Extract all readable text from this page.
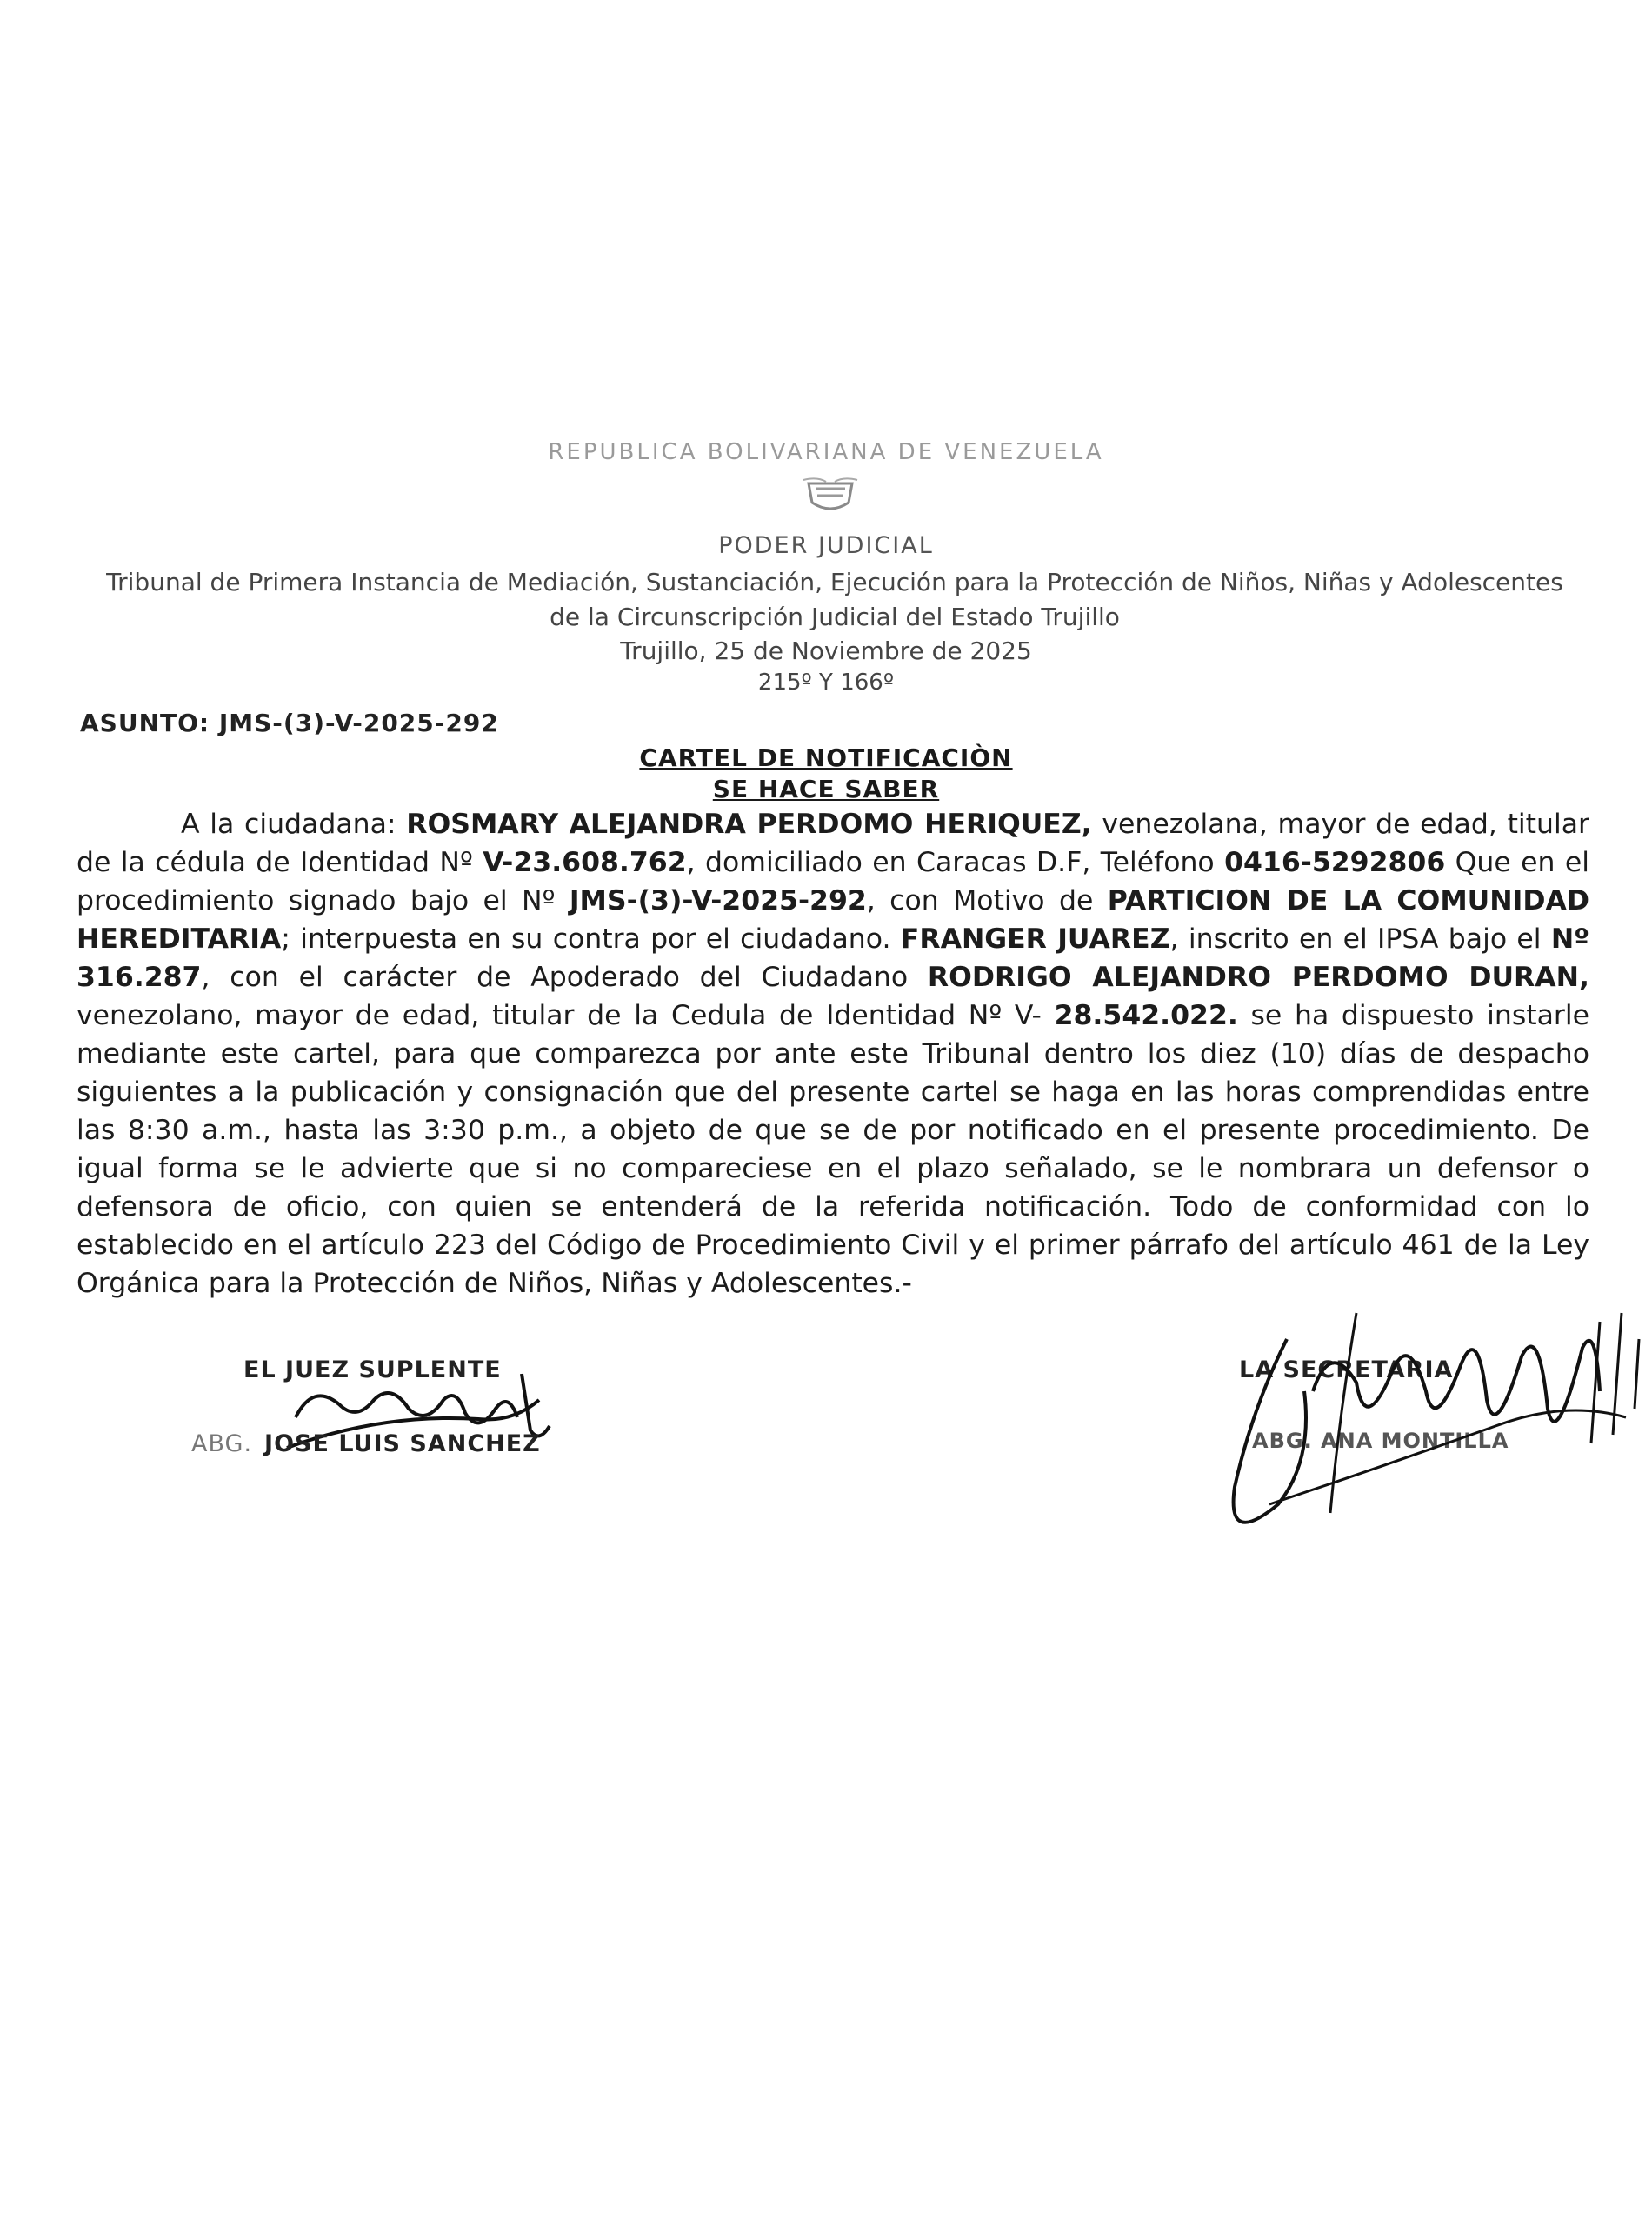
REPUBLICA BOLIVARIANA DE VENEZUELA
PODER JUDICIAL
Tribunal de Primera Instancia de Mediación, Sustanciación, Ejecución para la Protección de Niños, Niñas y Adolescentes de la Circunscripción Judicial del Estado Trujillo
Trujillo, 25 de Noviembre de 2025
215º Y 166º
ASUNTO: JMS-(3)-V-2025-292
CARTEL DE NOTIFICACIÒN
SE HACE SABER

A la ciudadana: ROSMARY ALEJANDRA PERDOMO HERIQUEZ, venezolana, mayor de edad, titular de la cédula de Identidad Nº V-23.608.762, domiciliado en Caracas D.F, Teléfono 0416-5292806 Que en el procedimiento signado bajo el Nº JMS-(3)-V-2025-292, con Motivo de PARTICION DE LA COMUNIDAD HEREDITARIA; interpuesta en su contra por el ciudadano. FRANGER JUAREZ, inscrito en el IPSA bajo el Nº 316.287, con el carácter de Apoderado del Ciudadano RODRIGO ALEJANDRO PERDOMO DURAN, venezolano, mayor de edad, titular de la Cedula de Identidad Nº V- 28.542.022. se ha dispuesto instarle mediante este cartel, para que comparezca por ante este Tribunal dentro los diez (10) días de despacho siguientes a la publicación y consignación que del presente cartel se haga en las horas comprendidas entre las 8:30 a.m., hasta las 3:30 p.m., a objeto de que se de por notificado en el presente procedimiento. De igual forma se le advierte que si no compareciese en el plazo señalado, se le nombrara un defensor o defensora de oficio, con quien se entenderá de la referida notificación. Todo de conformidad con lo establecido en el artículo 223 del Código de Procedimiento Civil y el primer párrafo del artículo 461 de la Ley Orgánica para la Protección de Niños, Niñas y Adolescentes.-

EL JUEZ SUPLENTE
ABG. JOSE LUIS SANCHEZ
LA SECRETARIA
ABG. ANA MONTILLA
